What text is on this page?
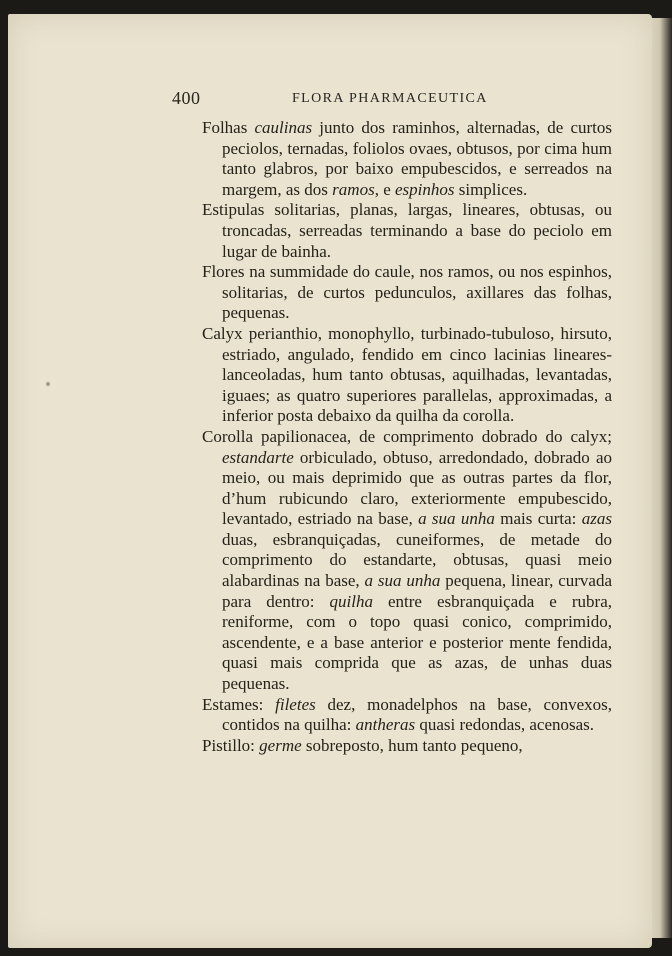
400	FLORA PHARMACEUTICA

Folhas caulinas junto dos raminhos, alternadas, de curtos peciolos, ternadas, foliolos ovaes, obtusos, por cima hum tanto glabros, por baixo empubescidos, e serreados na margem, as dos ramos, e espinhos simplices.

Estipulas solitarias, planas, largas, lineares, obtusas, ou troncadas, serreadas terminando a base do peciolo em lugar de bainha.

Flores na summidade do caule, nos ramos, ou nos espinhos, solitarias, de curtos pedunculos, axillares das folhas, pequenas.

Calyx perianthio, monophyllo, turbinado-tubuloso, hirsuto, estriado, angulado, fendido em cinco lacinias lineares-lanceoladas, hum tanto obtusas, aquilhadas, levantadas, iguaes; as quatro superiores parallelas, approximadas, a inferior posta debaixo da quilha da corolla.

Corolla papilionacea, de comprimento dobrado do calyx; estandarte orbiculado, obtuso, arredondado, dobrado ao meio, ou mais deprimido que as outras partes da flor, d’hum rubicundo claro, exteriormente empubescido, levantado, estriado na base, a sua unha mais curta: azas duas, esbranquiçadas, cuneiformes, de metade do comprimento do estandarte, obtusas, quasi meio alabardinas na base, a sua unha pequena, linear, curvada para dentro: quilha entre esbranquiçada e rubra, reniforme, com o topo quasi conico, comprimido, ascendente, e a base anterior e posterior mente fendida, quasi mais comprida que as azas, de unhas duas pequenas.

Estames: filetes dez, monadelphos na base, convexos, contidos na quilha: antheras quasi redondas, acenosas.

Pistillo: germe sobreposto, hum tanto pequeno,
